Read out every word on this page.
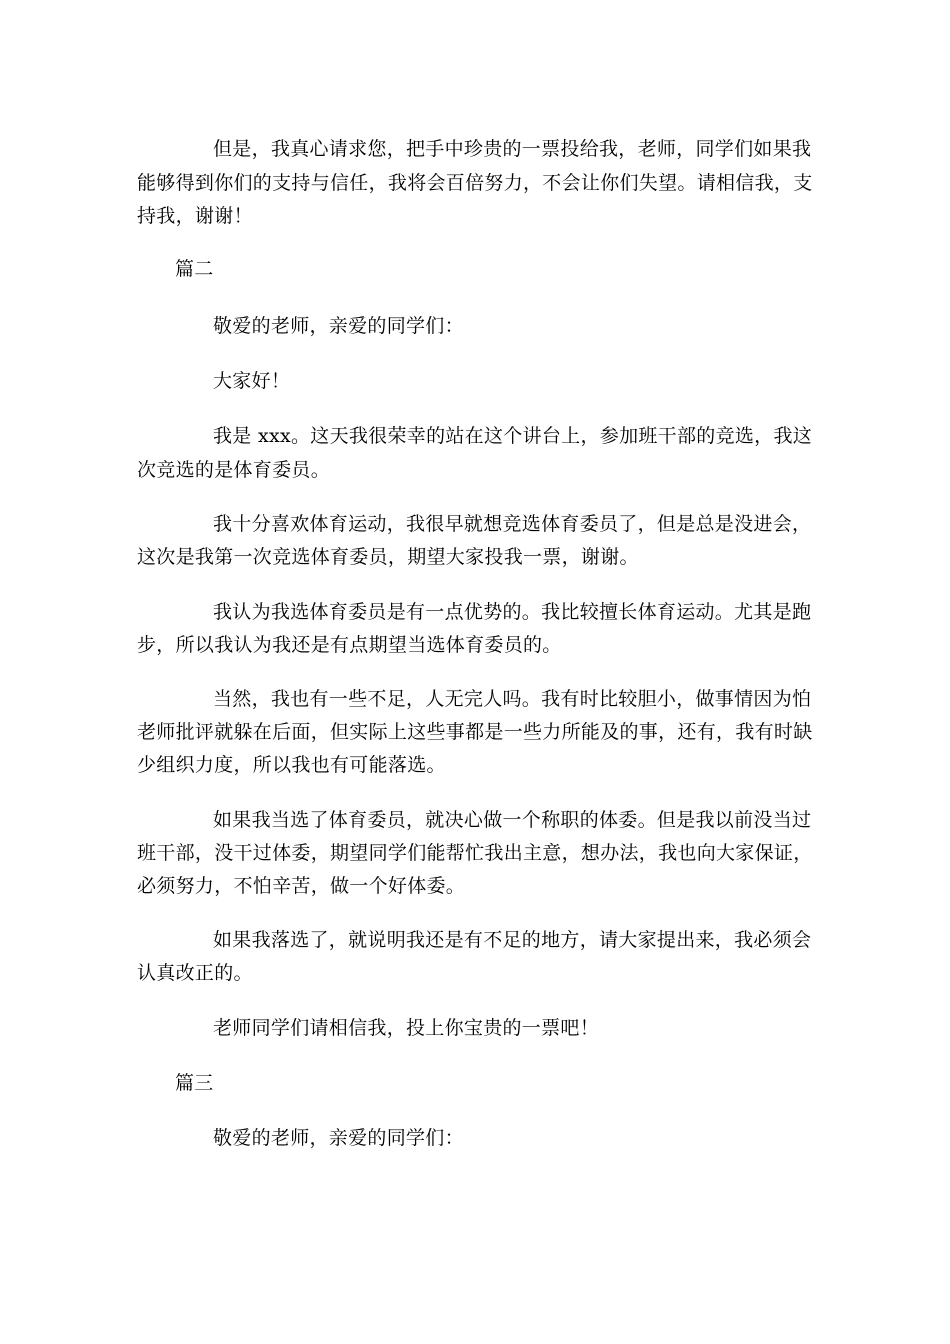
但是，我真心请求您，把手中珍贵的一票投给我，老师，同学们如果我

能够得到你们的支持与信任，我将会百倍努力，不会让你们失望。请相信我，支

持我，谢谢！

篇二

敬爱的老师，亲爱的同学们：

大家好！

我是 xxx。这天我很荣幸的站在这个讲台上，参加班干部的竞选，我这

次竞选的是体育委员。

我十分喜欢体育运动，我很早就想竞选体育委员了，但是总是没进会，

这次是我第一次竞选体育委员，期望大家投我一票，谢谢。

我认为我选体育委员是有一点优势的。我比较擅长体育运动。尤其是跑

步，所以我认为我还是有点期望当选体育委员的。

当然，我也有一些不足，人无完人吗。我有时比较胆小，做事情因为怕

老师批评就躲在后面，但实际上这些事都是一些力所能及的事，还有，我有时缺

少组织力度，所以我也有可能落选。

如果我当选了体育委员，就决心做一个称职的体委。但是我以前没当过

班干部，没干过体委，期望同学们能帮忙我出主意，想办法，我也向大家保证，

必须努力，不怕辛苦，做一个好体委。

如果我落选了，就说明我还是有不足的地方，请大家提出来，我必须会

认真改正的。

老师同学们请相信我，投上你宝贵的一票吧！

篇三

敬爱的老师，亲爱的同学们：
